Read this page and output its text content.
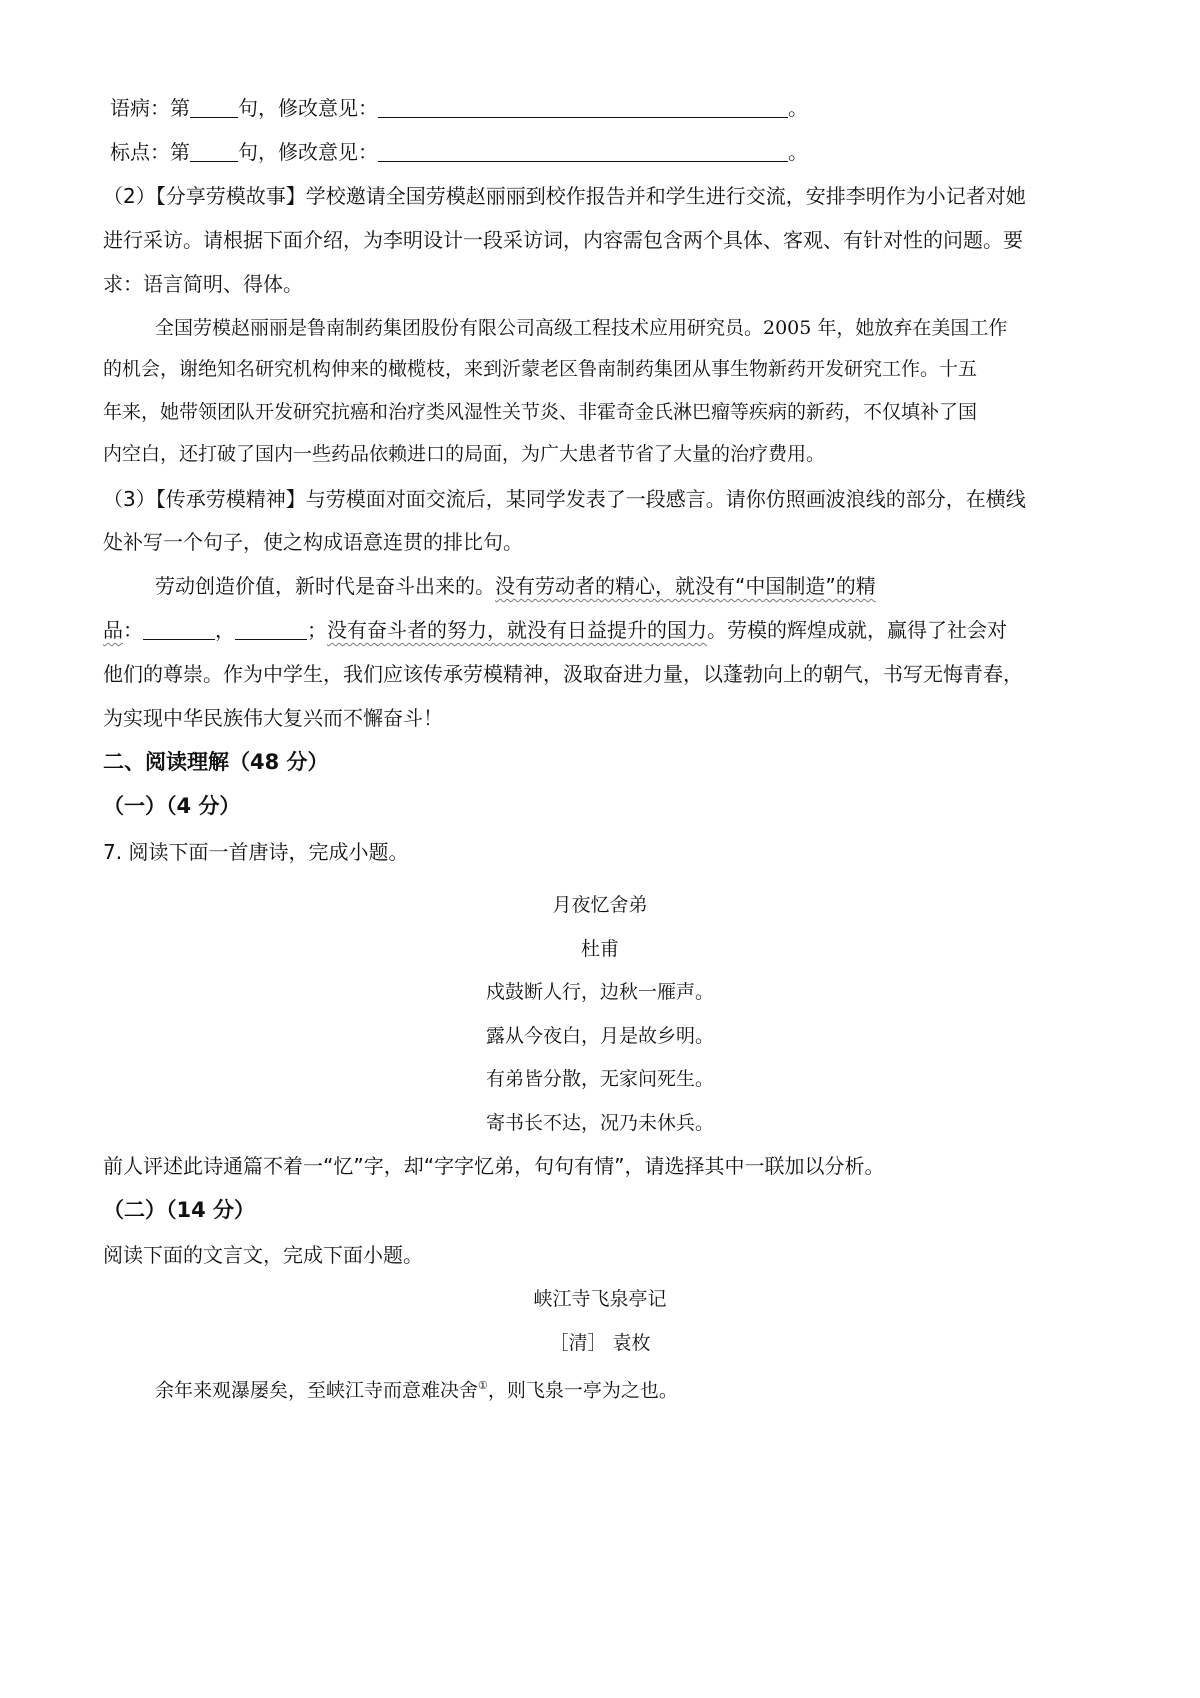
语病：第 句，修改意见：	。
标点：第 句，修改意见：	。
（2）【分享劳模故事】学校邀请全国劳模赵丽丽到校作报告并和学生进行交流，安排李明作为小记者对她
进行采访。请根据下面介绍，为李明设计一段采访词，内容需包含两个具体、客观、有针对性的问题。要
求：语言简明、得体。
全国劳模赵丽丽是鲁南制药集团股份有限公司高级工程技术应用研究员。2005 年，她放弃在美国工作
的机会，谢绝知名研究机构伸来的橄榄枝，来到沂蒙老区鲁南制药集团从事生物新药开发研究工作。十五
年来，她带领团队开发研究抗癌和治疗类风湿性关节炎、非霍奇金氏淋巴瘤等疾病的新药，不仅填补了国
内空白，还打破了国内一些药品依赖进口的局面，为广大患者节省了大量的治疗费用。
（3）【传承劳模精神】与劳模面对面交流后，某同学发表了一段感言。请你仿照画波浪线的部分，在横线
处补写一个句子，使之构成语意连贯的排比句。
劳动创造价值，新时代是奋斗出来的。没有劳动者的精心，就没有“中国制造”的精
品：	，	；没有奋斗者的努力，就没有日益提升的国力。劳模的辉煌成就，赢得了社会对
他们的尊崇。作为中学生，我们应该传承劳模精神，汲取奋进力量，以蓬勃向上的朝气，书写无悔青春，
为实现中华民族伟大复兴而不懈奋斗！
二、阅读理解（48 分）
（一）（4 分）
7. 阅读下面一首唐诗，完成小题。
月夜忆舍弟
杜甫
戍鼓断人行，边秋一雁声。
露从今夜白，月是故乡明。
有弟皆分散，无家问死生。
寄书长不达，况乃未休兵。
前人评述此诗通篇不着一“忆”字，却“字字忆弟，句句有情”，请选择其中一联加以分析。
（二）（14 分）
阅读下面的文言文，完成下面小题。
峡江寺飞泉亭记
［清］ 袁枚
余年来观瀑屡矣，至峡江寺而意难决舍①，则飞泉一亭为之也。
